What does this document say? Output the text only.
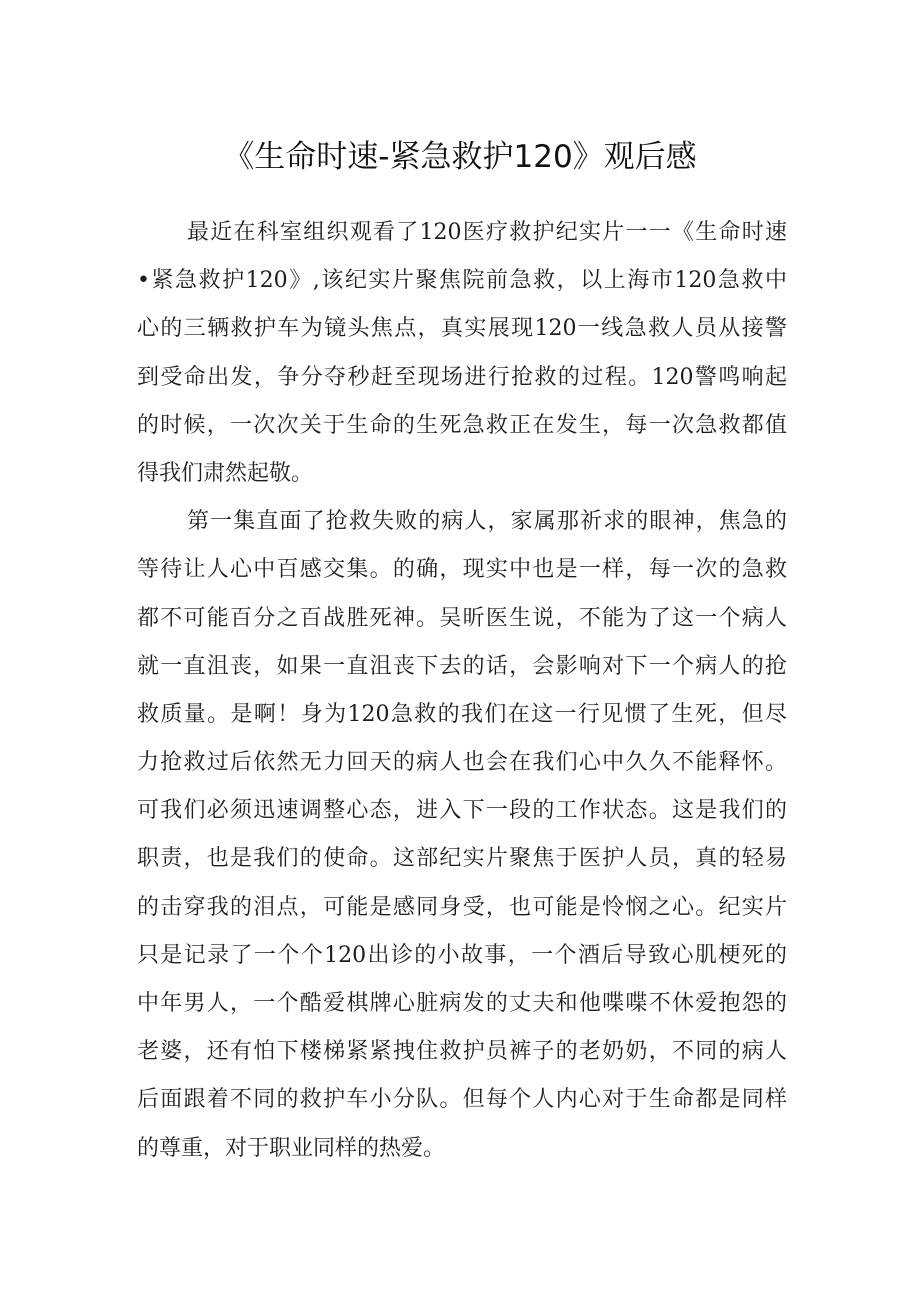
《生命时速-紧急救护120》观后感
最近在科室组织观看了120医疗救护纪实片一一《生命时速
•紧急救护120》,该纪实片聚焦院前急救，以上海市120急救中
心的三辆救护车为镜头焦点，真实展现120一线急救人员从接警
到受命出发，争分夺秒赶至现场进行抢救的过程。120警鸣响起
的时候，一次次关于生命的生死急救正在发生，每一次急救都值
得我们肃然起敬。
第一集直面了抢救失败的病人，家属那祈求的眼神，焦急的
等待让人心中百感交集。的确，现实中也是一样，每一次的急救
都不可能百分之百战胜死神。吴昕医生说，不能为了这一个病人
就一直沮丧，如果一直沮丧下去的话，会影响对下一个病人的抢
救质量。是啊！身为120急救的我们在这一行见惯了生死，但尽
力抢救过后依然无力回天的病人也会在我们心中久久不能释怀。
可我们必须迅速调整心态，进入下一段的工作状态。这是我们的
职责，也是我们的使命。这部纪实片聚焦于医护人员，真的轻易
的击穿我的泪点，可能是感同身受，也可能是怜悯之心。纪实片
只是记录了一个个120出诊的小故事，一个酒后导致心肌梗死的
中年男人，一个酷爱棋牌心脏病发的丈夫和他喋喋不休爱抱怨的
老婆，还有怕下楼梯紧紧拽住救护员裤子的老奶奶，不同的病人
后面跟着不同的救护车小分队。但每个人内心对于生命都是同样
的尊重，对于职业同样的热爱。
